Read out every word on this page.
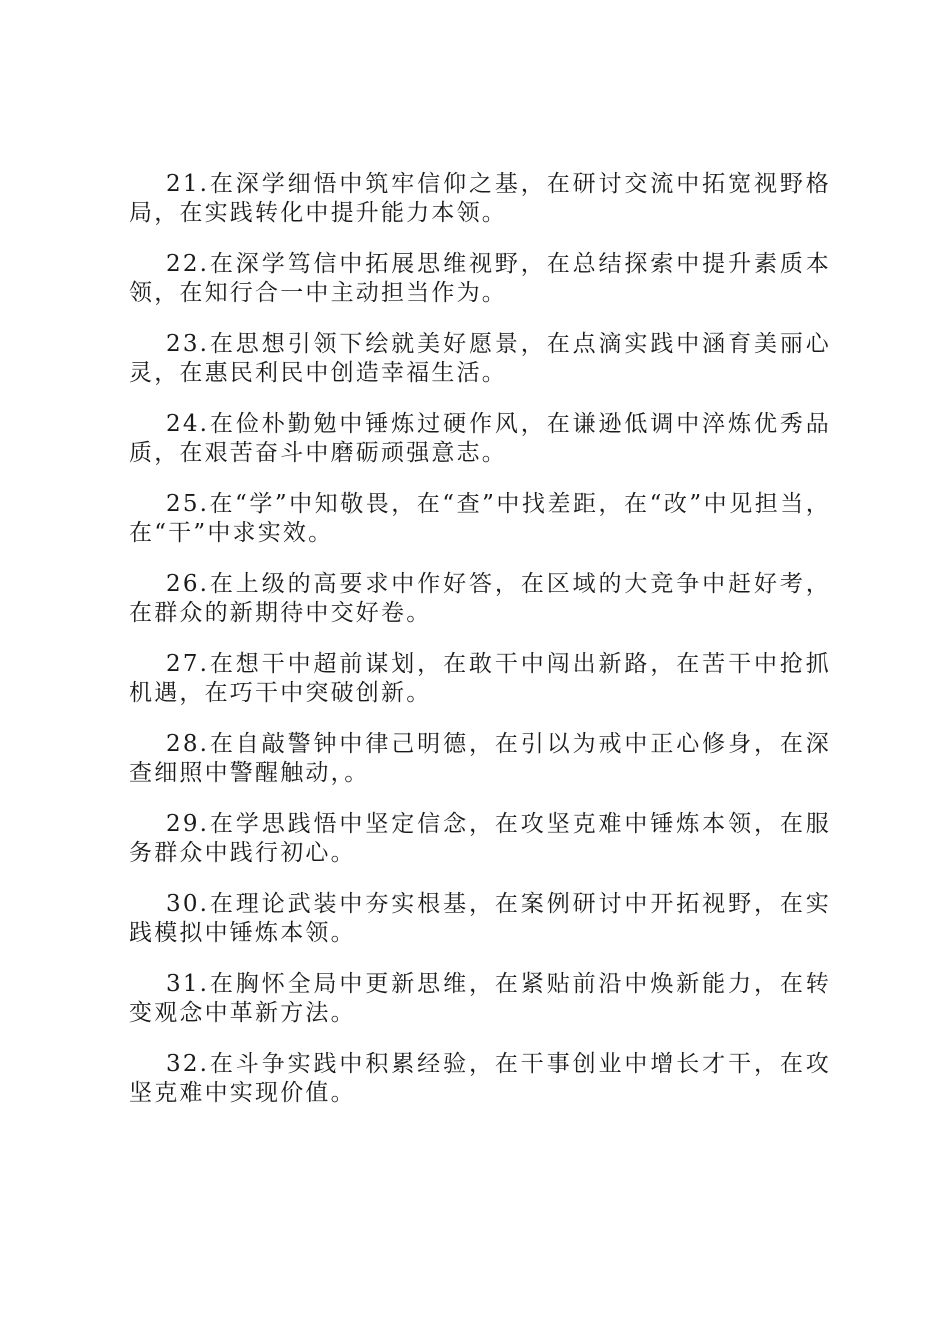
21.在深学细悟中筑牢信仰之基，在研讨交流中拓宽视野格局，在实践转化中提升能力本领。

22.在深学笃信中拓展思维视野，在总结探索中提升素质本领，在知行合一中主动担当作为。

23.在思想引领下绘就美好愿景，在点滴实践中涵育美丽心灵，在惠民利民中创造幸福生活。

24.在俭朴勤勉中锤炼过硬作风，在谦逊低调中淬炼优秀品质，在艰苦奋斗中磨砺顽强意志。

25.在“学”中知敬畏，在“查”中找差距，在“改”中见担当，在“干”中求实效。

26.在上级的高要求中作好答，在区域的大竞争中赶好考，在群众的新期待中交好卷。

27.在想干中超前谋划，在敢干中闯出新路，在苦干中抢抓机遇，在巧干中突破创新。

28.在自敲警钟中律己明德，在引以为戒中正心修身，在深查细照中警醒触动，。

29.在学思践悟中坚定信念，在攻坚克难中锤炼本领，在服务群众中践行初心。

30.在理论武装中夯实根基，在案例研讨中开拓视野，在实践模拟中锤炼本领。

31.在胸怀全局中更新思维，在紧贴前沿中焕新能力，在转变观念中革新方法。

32.在斗争实践中积累经验，在干事创业中增长才干，在攻坚克难中实现价值。
